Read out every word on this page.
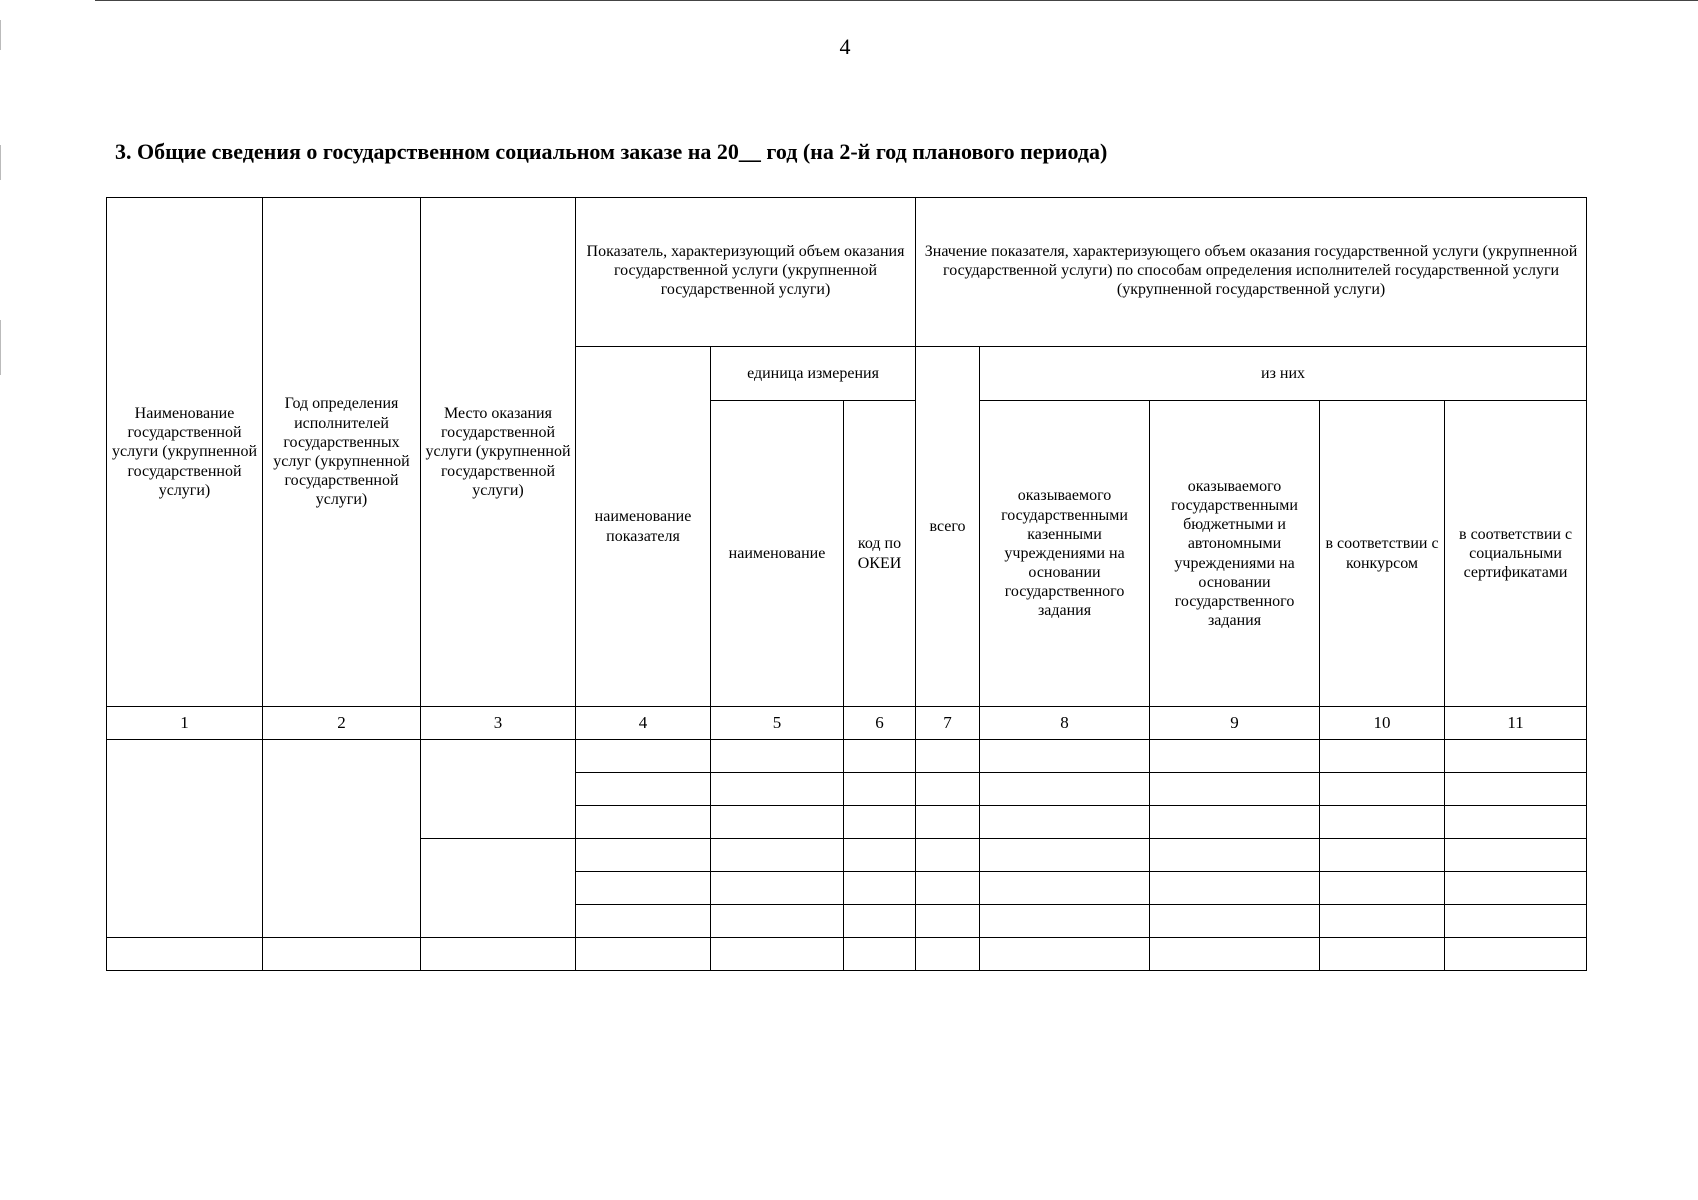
4
3. Общие сведения о государственном социальном заказе на 20__ год (на 2-й год планового периода)
Наименование государственной услуги (укрупненной государственной услуги)	Год определения исполнителей государственных услуг (укрупненной государственной услуги)	Место оказания государственной услуги (укрупненной государственной услуги)	Показатель, характеризующий объем оказания государственной услуги (укрупненной государственной услуги)			Значение показателя, характеризующего объем оказания государственной услуги (укрупненной государственной услуги) по способам определения исполнителей государственной услуги (укрупненной государственной услуги)				
			наименование показателя	единица измерения		всего	из них			
				наименование	код по ОКЕИ		оказываемого государственными казенными учреждениями на основании государственного задания	оказываемого государственными бюджетными и автономными учреждениями на основании государственного задания	в соответствии с конкурсом	в соответствии с социальными сертификатами
1	2	3	4	5	6	7	8	9	10	11
